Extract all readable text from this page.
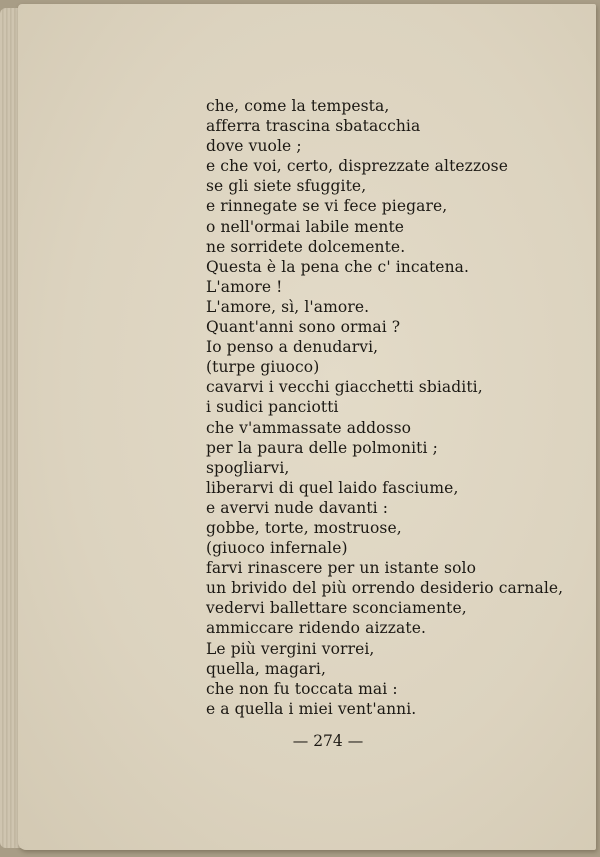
che, come la tempesta,
afferra trascina sbatacchia
dove vuole ;
e che voi, certo, disprezzate altezzose
se gli siete sfuggite,
e rinnegate se vi fece piegare,
o nell'ormai labile mente
ne sorridete dolcemente.
Questa è la pena che c' incatena.
L'amore !
L'amore, sì, l'amore.
Quant'anni sono ormai ?
Io penso a denudarvi,
(turpe giuoco)
cavarvi i vecchi giacchetti sbiaditi,
i sudici panciotti
che v'ammassate addosso
per la paura delle polmoniti ;
spogliarvi,
liberarvi di quel laido fasciume,
e avervi nude davanti :
gobbe, torte, mostruose,
(giuoco infernale)
farvi rinascere per un istante solo
un brivido del più orrendo desiderio carnale,
vedervi ballettare sconciamente,
ammiccare ridendo aizzate.
Le più vergini vorrei,
quella, magari,
che non fu toccata mai :
e a quella i miei vent'anni.
— 274 —
